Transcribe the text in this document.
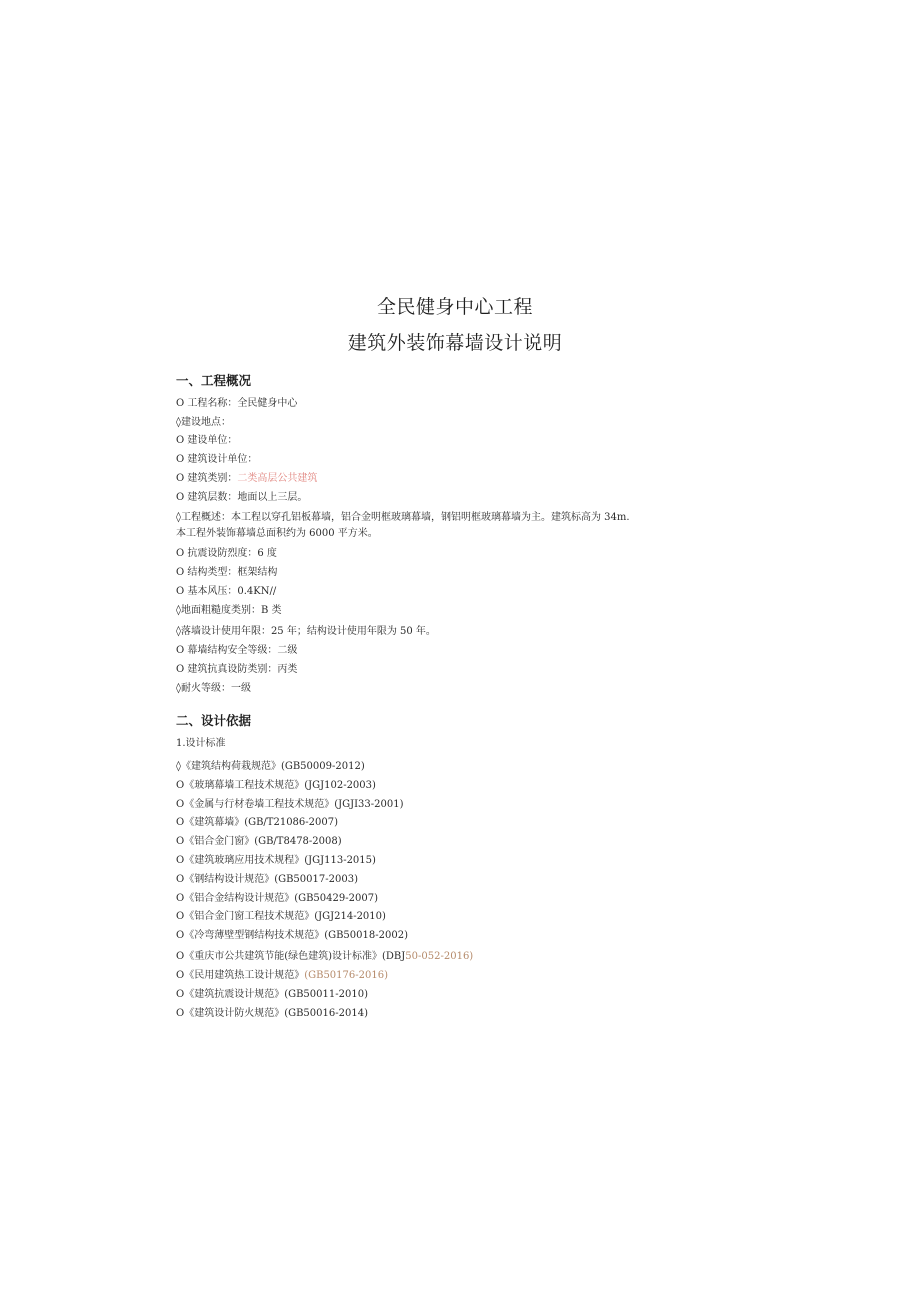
全民健身中心工程
建筑外装饰幕墙设计说明
一、工程概况
O 工程名称：全民健身中心
◊建设地点：
O 建设单位：
O 建筑设计单位：
O 建筑类别：二类高层公共建筑
O 建筑层数：地面以上三层。
◊工程概述：本工程以穿孔铝板幕墙，铝合金明框玻璃幕墙，钢铝明框玻璃幕墙为主。建筑标高为 34m.本工程外装饰幕墙总面积约为 6000 平方米。
O 抗震设防烈度：6 度
O 结构类型：框架结构
O 基本风压：0.4KN//
◊地面粗糙度类别：B 类
◊落墙设计使用年限：25 年；结构设计使用年限为 50 年。
O 幕墙结构安全等级：二级
O 建筑抗真设防类别：丙类
◊耐火等级：一级
二、设计依据
1.设计标准
◊《建筑结构荷栽规范》(GB50009-2012)
O《玻璃幕墙工程技术规范》(JGJ102-2003)
O《金属与行材卷墙工程技术规范》(JGJI33-2001)
O《建筑幕墙》(GB/T21086-2007)
O《铝合金门窗》(GB/T8478-2008)
O《建筑玻璃应用技术规程》(JGJ113-2015)
O《钢结构设计规范》(GB50017-2003)
O《铝合金结构设计规范》(GB50429-2007)
O《铝合金门窗工程技术规范》(JGJ214-2010)
O《冷弯薄壁型钢结构技术规范》(GB50018-2002)
O《重庆市公共建筑节能(绿色建筑)设计标准》(DBJ50-052-2016)
O《民用建筑热工设计规范》(GB50176-2016)
O《建筑抗震设计规范》(GB50011-2010)
O《建筑设计防火规范》(GB50016-2014)
